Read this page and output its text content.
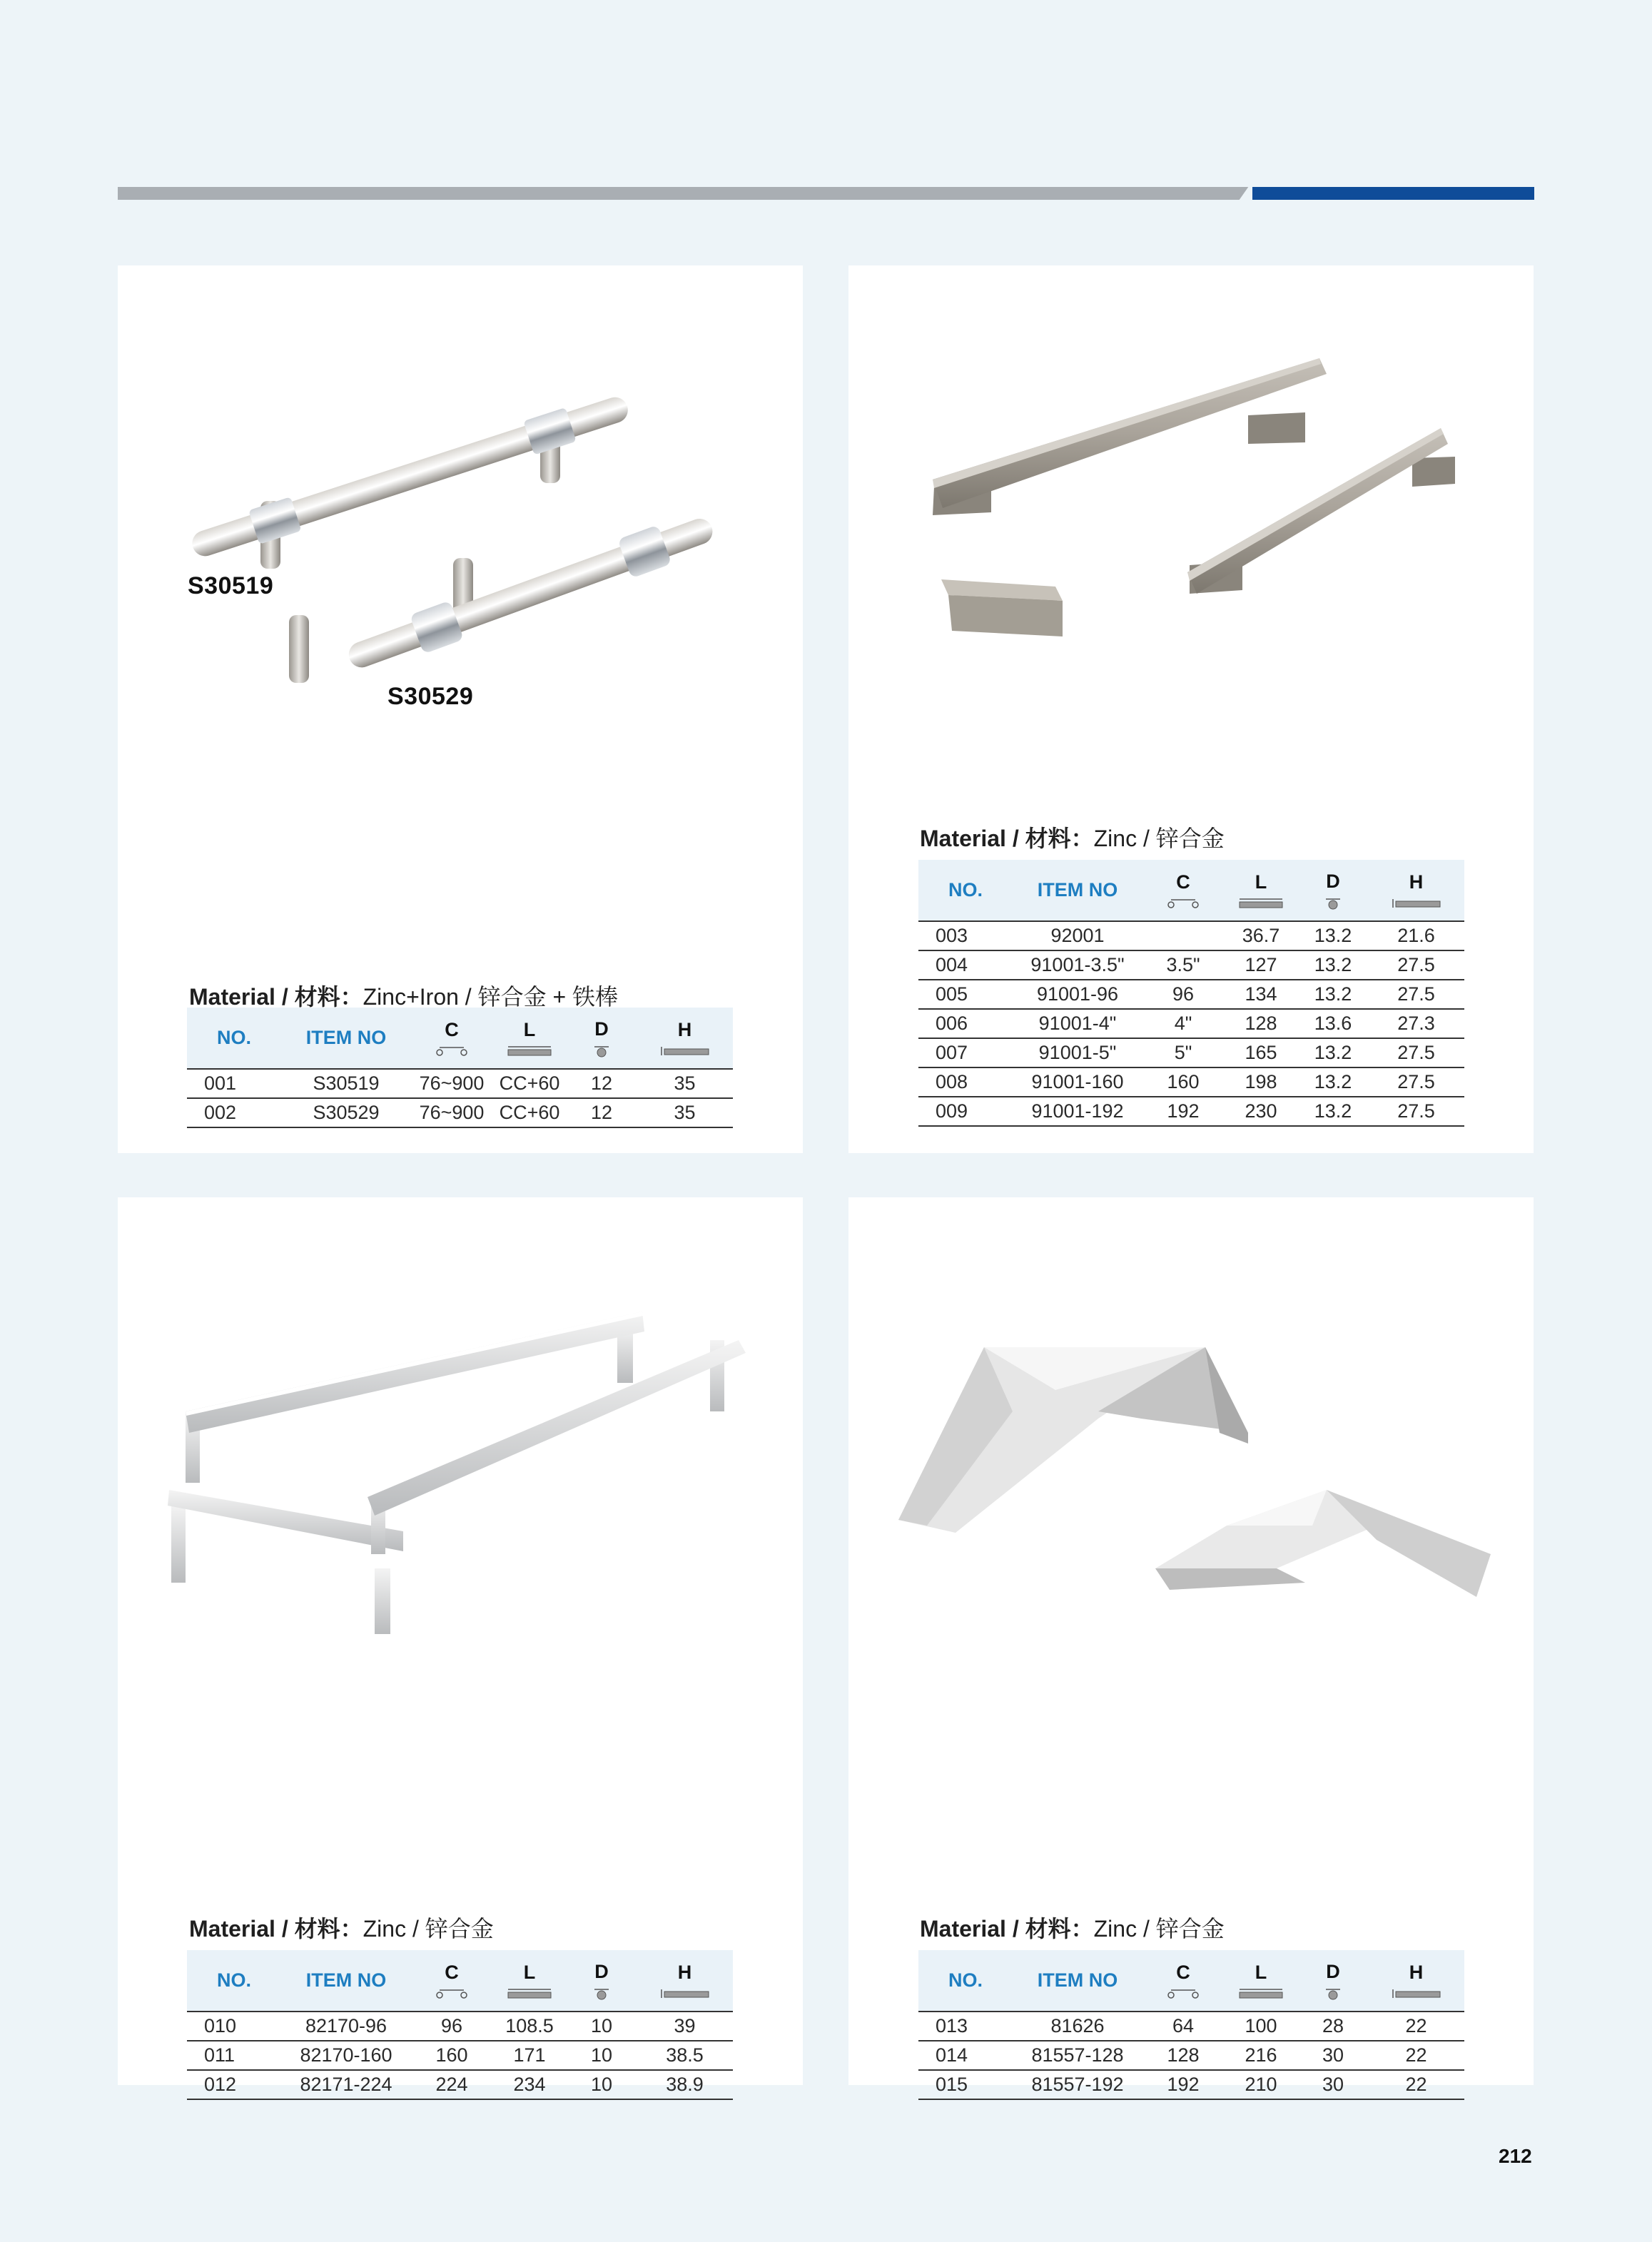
S30519
S30529
Material / 材料：Zinc+Iron / 锌合金 + 铁棒
NO.	ITEM NO	C	L	D	H

001	S30519	76~900	CC+60	12	35
002	S30529	76~900	CC+60	12	35
Material / 材料：Zinc / 锌合金
NO.	ITEM NO	C	L	D	H

003	92001		36.7	13.2	21.6
004	91001-3.5"	3.5"	127	13.2	27.5
005	91001-96	96	134	13.2	27.5
006	91001-4"	4"	128	13.6	27.3
007	91001-5"	5"	165	13.2	27.5
008	91001-160	160	198	13.2	27.5
009	91001-192	192	230	13.2	27.5
Material / 材料：Zinc / 锌合金
NO.	ITEM NO	C	L	D	H

010	82170-96	96	108.5	10	39
011	82170-160	160	171	10	38.5
012	82171-224	224	234	10	38.9
Material / 材料：Zinc / 锌合金
NO.	ITEM NO	C	L	D	H

013	81626	64	100	28	22
014	81557-128	128	216	30	22
015	81557-192	192	210	30	22
212
